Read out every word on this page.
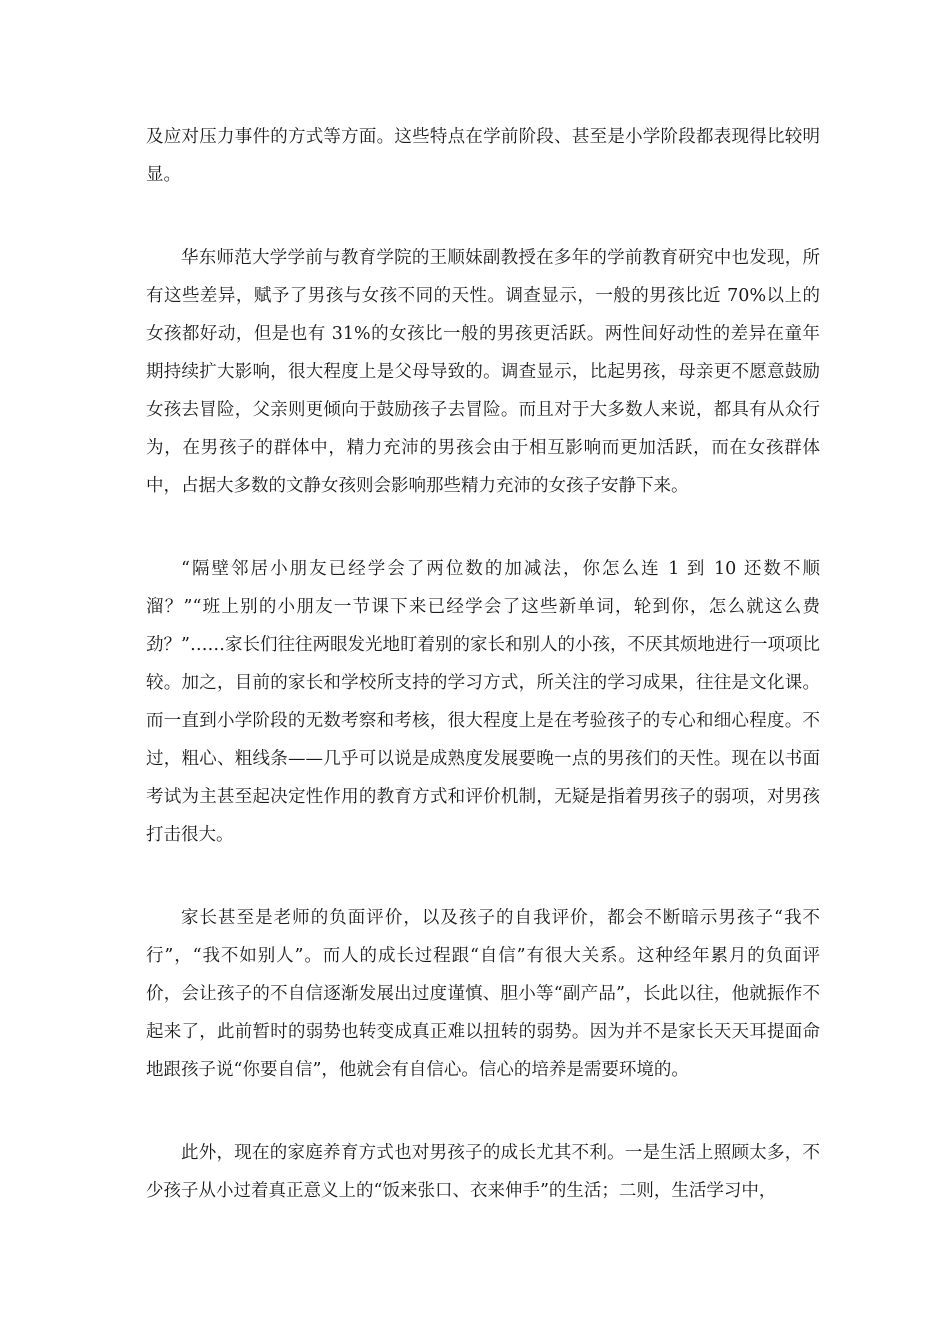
及应对压力事件的方式等方面。这些特点在学前阶段、甚至是小学阶段都表现得比较明显。

华东师范大学学前与教育学院的王顺妹副教授在多年的学前教育研究中也发现，所有这些差异，赋予了男孩与女孩不同的天性。调查显示，一般的男孩比近 70%以上的女孩都好动，但是也有 31%的女孩比一般的男孩更活跃。两性间好动性的差异在童年期持续扩大影响，很大程度上是父母导致的。调查显示，比起男孩，母亲更不愿意鼓励女孩去冒险，父亲则更倾向于鼓励孩子去冒险。而且对于大多数人来说，都具有从众行为，在男孩子的群体中，精力充沛的男孩会由于相互影响而更加活跃，而在女孩群体中，占据大多数的文静女孩则会影响那些精力充沛的女孩子安静下来。

“隔壁邻居小朋友已经学会了两位数的加减法，你怎么连 1 到 10 还数不顺溜？”“班上别的小朋友一节课下来已经学会了这些新单词，轮到你，怎么就这么费劲？”……家长们往往两眼发光地盯着别的家长和别人的小孩，不厌其烦地进行一项项比较。加之，目前的家长和学校所支持的学习方式，所关注的学习成果，往往是文化课。而一直到小学阶段的无数考察和考核，很大程度上是在考验孩子的专心和细心程度。不过，粗心、粗线条——几乎可以说是成熟度发展要晚一点的男孩们的天性。现在以书面考试为主甚至起决定性作用的教育方式和评价机制，无疑是指着男孩子的弱项，对男孩打击很大。

家长甚至是老师的负面评价，以及孩子的自我评价，都会不断暗示男孩子“我不行”，“我不如别人”。而人的成长过程跟“自信”有很大关系。这种经年累月的负面评价，会让孩子的不自信逐渐发展出过度谨慎、胆小等“副产品”，长此以往，他就振作不起来了，此前暂时的弱势也转变成真正难以扭转的弱势。因为并不是家长天天耳提面命地跟孩子说“你要自信”，他就会有自信心。信心的培养是需要环境的。

此外，现在的家庭养育方式也对男孩子的成长尤其不利。一是生活上照顾太多，不少孩子从小过着真正意义上的“饭来张口、衣来伸手”的生活；二则，生活学习中，
